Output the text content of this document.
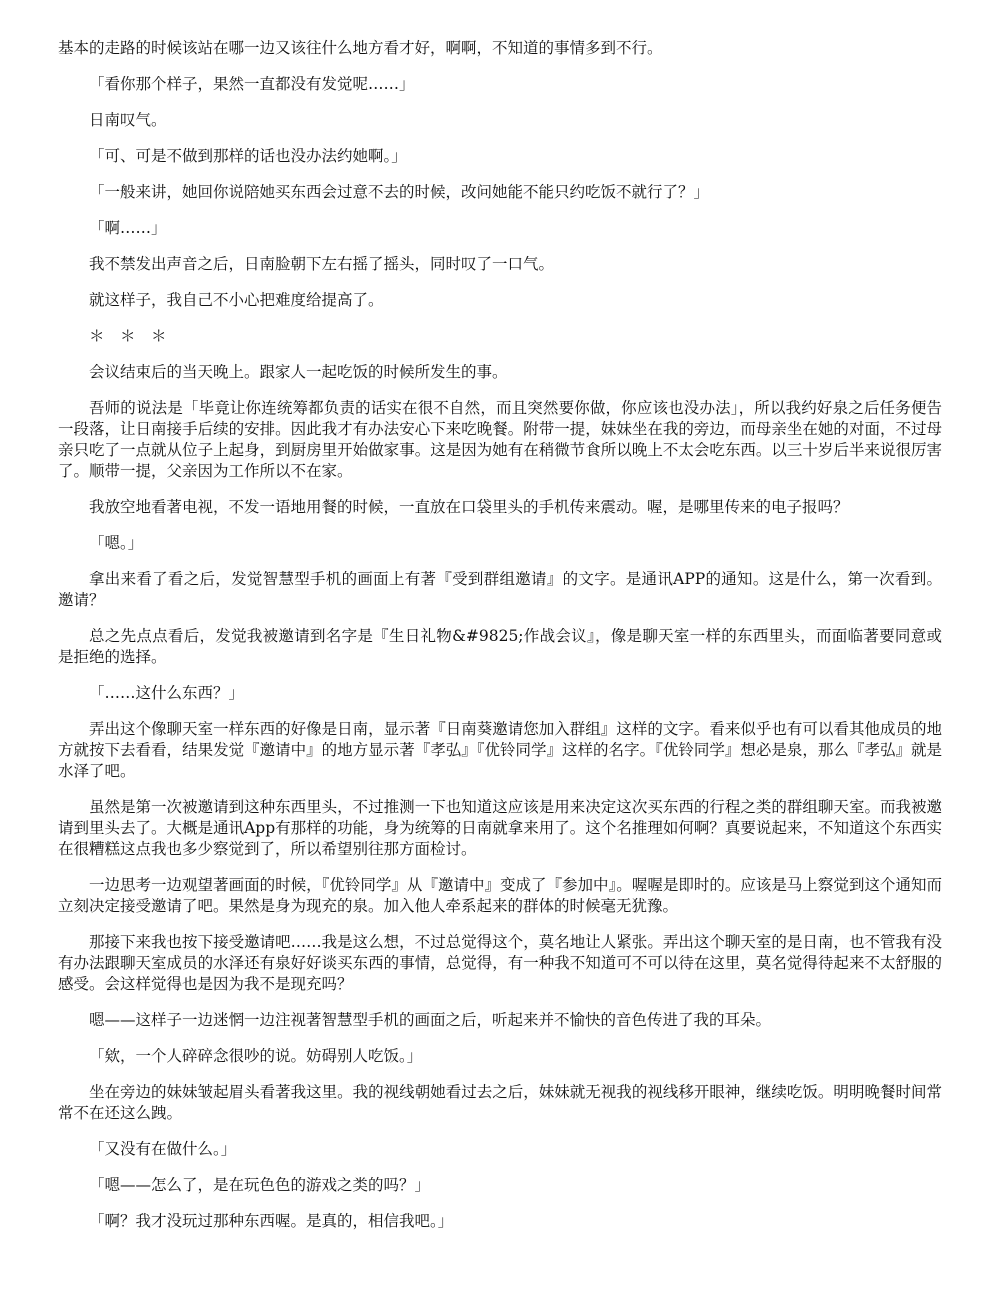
基本的走路的时候该站在哪一边又该往什么地方看才好，啊啊，不知道的事情多到不行。

「看你那个样子，果然一直都没有发觉呢……」

日南叹气。

「可、可是不做到那样的话也没办法约她啊。」

「一般来讲，她回你说陪她买东西会过意不去的时候，改问她能不能只约吃饭不就行了？」

「啊……」

我不禁发出声音之后，日南脸朝下左右摇了摇头，同时叹了一口气。

就这样子，我自己不小心把难度给提高了。

＊　＊　＊

会议结束后的当天晚上。跟家人一起吃饭的时候所发生的事。

吾师的说法是「毕竟让你连统筹都负责的话实在很不自然，而且突然要你做，你应该也没办法」，所以我约好泉之后任务便告一段落，让日南接手后续的安排。因此我才有办法安心下来吃晚餐。附带一提，妹妹坐在我的旁边，而母亲坐在她的对面，不过母亲只吃了一点就从位子上起身，到厨房里开始做家事。这是因为她有在稍微节食所以晚上不太会吃东西。以三十岁后半来说很厉害了。顺带一提，父亲因为工作所以不在家。

我放空地看著电视，不发一语地用餐的时候，一直放在口袋里头的手机传来震动。喔，是哪里传来的电子报吗？

「嗯。」

拿出来看了看之后，发觉智慧型手机的画面上有著『受到群组邀请』的文字。是通讯APP的通知。这是什么，第一次看到。邀请？

总之先点点看后，发觉我被邀请到名字是『生日礼物&#9825;作战会议』，像是聊天室一样的东西里头，而面临著要同意或是拒绝的选择。

「……这什么东西？」

弄出这个像聊天室一样东西的好像是日南，显示著『日南葵邀请您加入群组』这样的文字。看来似乎也有可以看其他成员的地方就按下去看看，结果发觉『邀请中』的地方显示著『孝弘』『优铃同学』这样的名字。『优铃同学』想必是泉，那么『孝弘』就是水泽了吧。

虽然是第一次被邀请到这种东西里头，不过推测一下也知道这应该是用来决定这次买东西的行程之类的群组聊天室。而我被邀请到里头去了。大概是通讯App有那样的功能，身为统筹的日南就拿来用了。这个名推理如何啊？真要说起来，不知道这个东西实在很糟糕这点我也多少察觉到了，所以希望别往那方面检讨。

一边思考一边观望著画面的时候，『优铃同学』从『邀请中』变成了『参加中』。喔喔是即时的。应该是马上察觉到这个通知而立刻决定接受邀请了吧。果然是身为现充的泉。加入他人牵系起来的群体的时候毫无犹豫。

那接下来我也按下接受邀请吧……我是这么想，不过总觉得这个，莫名地让人紧张。弄出这个聊天室的是日南，也不管我有没有办法跟聊天室成员的水泽还有泉好好谈买东西的事情，总觉得，有一种我不知道可不可以待在这里，莫名觉得待起来不太舒服的感受。会这样觉得也是因为我不是现充吗？

嗯——这样子一边迷惘一边注视著智慧型手机的画面之后，听起来并不愉快的音色传进了我的耳朵。

「欸，一个人碎碎念很吵的说。妨碍别人吃饭。」

坐在旁边的妹妹皱起眉头看著我这里。我的视线朝她看过去之后，妹妹就无视我的视线移开眼神，继续吃饭。明明晚餐时间常常不在还这么跩。

「又没有在做什么。」

「嗯——怎么了，是在玩色色的游戏之类的吗？」

「啊？我才没玩过那种东西喔。是真的，相信我吧。」
